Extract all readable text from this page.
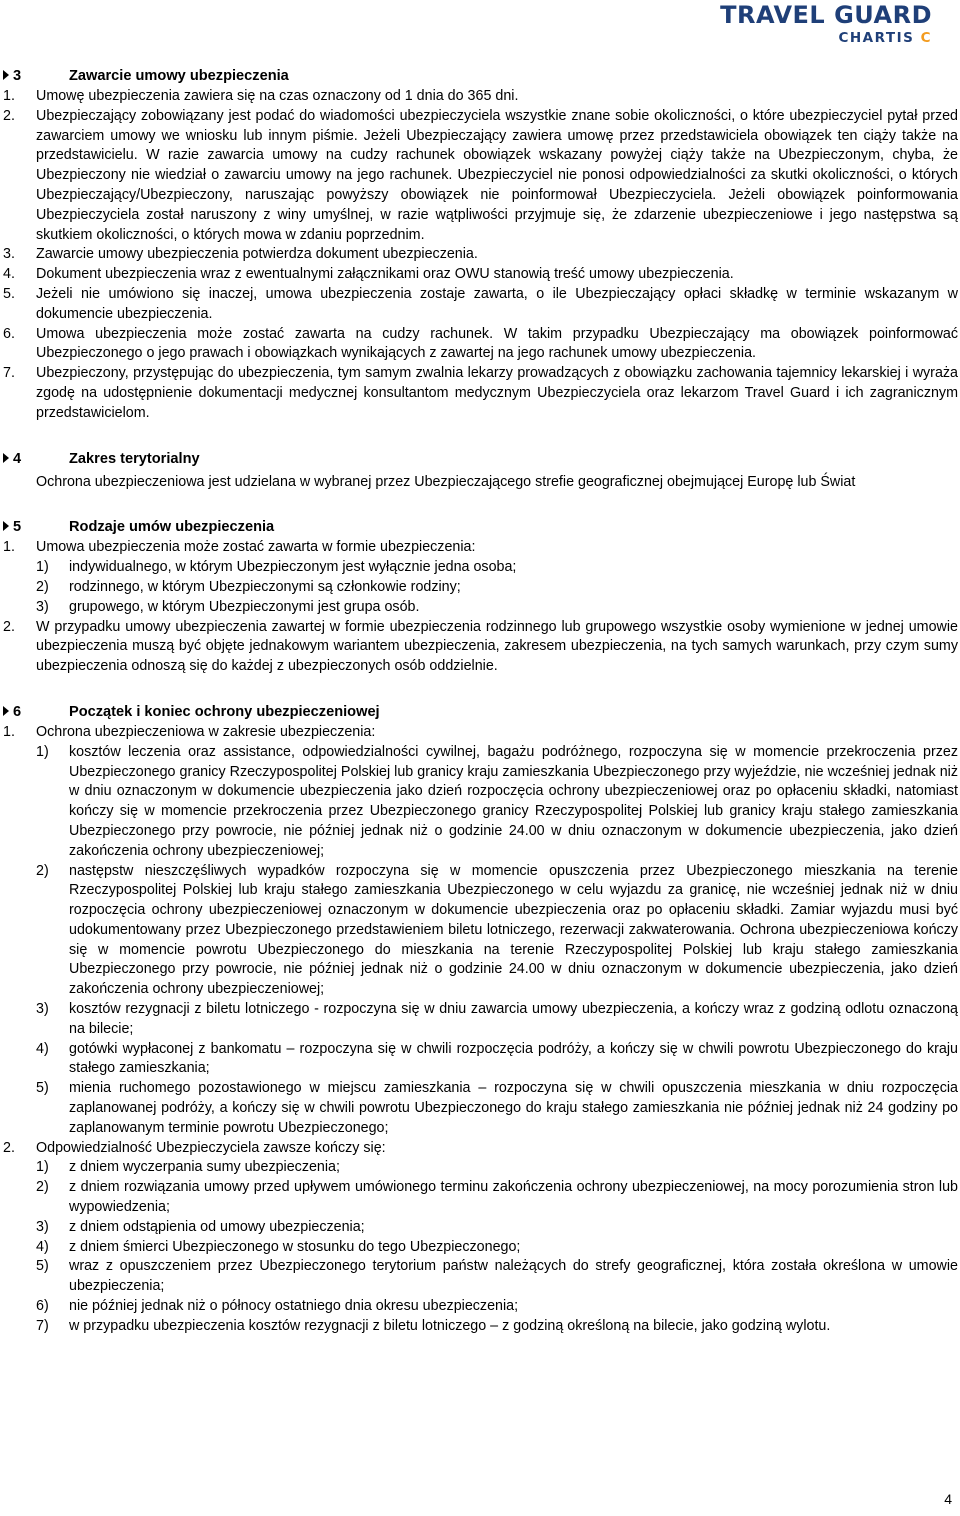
TRAVEL GUARD
CHARTIS C
3	Zawarcie umowy ubezpieczenia
1. Umowę ubezpieczenia zawiera się na czas oznaczony od 1 dnia do 365 dni.
2. Ubezpieczający zobowiązany jest podać do wiadomości ubezpieczyciela wszystkie znane sobie okoliczności, o które ubezpieczyciel pytał przed zawarciem umowy we wniosku lub innym piśmie. Jeżeli Ubezpieczający zawiera umowę przez przedstawiciela obowiązek ten ciąży także na przedstawicielu. W razie zawarcia umowy na cudzy rachunek obowiązek wskazany powyżej ciąży także na Ubezpieczonym, chyba, że Ubezpieczony nie wiedział o zawarciu umowy na jego rachunek. Ubezpieczyciel nie ponosi odpowiedzialności za skutki okoliczności, o których Ubezpieczający/Ubezpieczony, naruszając powyższy obowiązek nie poinformował Ubezpieczyciela. Jeżeli obowiązek poinformowania Ubezpieczyciela został naruszony z winy umyślnej, w razie wątpliwości przyjmuje się, że zdarzenie ubezpieczeniowe i jego następstwa są skutkiem okoliczności, o których mowa w zdaniu poprzednim.
3. Zawarcie umowy ubezpieczenia potwierdza dokument ubezpieczenia.
4. Dokument ubezpieczenia wraz z ewentualnymi załącznikami oraz OWU stanowią treść umowy ubezpieczenia.
5. Jeżeli nie umówiono się inaczej, umowa ubezpieczenia zostaje zawarta, o ile Ubezpieczający opłaci składkę w terminie wskazanym w dokumencie ubezpieczenia.
6. Umowa ubezpieczenia może zostać zawarta na cudzy rachunek. W takim przypadku Ubezpieczający ma obowiązek poinformować Ubezpieczonego o jego prawach i obowiązkach wynikających z zawartej na jego rachunek umowy ubezpieczenia.
7. Ubezpieczony, przystępując do ubezpieczenia, tym samym zwalnia lekarzy prowadzących z obowiązku zachowania tajemnicy lekarskiej i wyraża zgodę na udostępnienie dokumentacji medycznej konsultantom medycznym Ubezpieczyciela oraz lekarzom Travel Guard i ich zagranicznym przedstawicielom.
4	Zakres terytorialny
Ochrona ubezpieczeniowa jest udzielana w wybranej przez Ubezpieczającego strefie geograficznej obejmującej Europę lub Świat
5	Rodzaje umów ubezpieczenia
1. Umowa ubezpieczenia może zostać zawarta w formie ubezpieczenia:
1) indywidualnego, w którym Ubezpieczonym jest wyłącznie jedna osoba;
2) rodzinnego, w którym Ubezpieczonymi są członkowie rodziny;
3) grupowego, w którym Ubezpieczonymi jest grupa osób.
2. W przypadku umowy ubezpieczenia zawartej w formie ubezpieczenia rodzinnego lub grupowego wszystkie osoby wymienione w jednej umowie ubezpieczenia muszą być objęte jednakowym wariantem ubezpieczenia, zakresem ubezpieczenia, na tych samych warunkach, przy czym sumy ubezpieczenia odnoszą się do każdej z ubezpieczonych osób oddzielnie.
6	Początek i koniec ochrony ubezpieczeniowej
1. Ochrona ubezpieczeniowa w zakresie ubezpieczenia:
1) kosztów leczenia oraz assistance, odpowiedzialności cywilnej, bagażu podróżnego, rozpoczyna się w momencie przekroczenia przez Ubezpieczonego granicy Rzeczypospolitej Polskiej lub granicy kraju zamieszkania Ubezpieczonego przy wyjeździe, nie wcześniej jednak niż w dniu oznaczonym w dokumencie ubezpieczenia jako dzień rozpoczęcia ochrony ubezpieczeniowej oraz po opłaceniu składki, natomiast kończy się w momencie przekroczenia przez Ubezpieczonego granicy Rzeczypospolitej Polskiej lub granicy kraju stałego zamieszkania Ubezpieczonego przy powrocie, nie później jednak niż o godzinie 24.00 w dniu oznaczonym w dokumencie ubezpieczenia, jako dzień zakończenia ochrony ubezpieczeniowej;
2) następstw nieszczęśliwych wypadków rozpoczyna się w momencie opuszczenia przez Ubezpieczonego mieszkania na terenie Rzeczypospolitej Polskiej lub kraju stałego zamieszkania Ubezpieczonego w celu wyjazdu za granicę, nie wcześniej jednak niż w dniu rozpoczęcia ochrony ubezpieczeniowej oznaczonym w dokumencie ubezpieczenia oraz po opłaceniu składki. Zamiar wyjazdu musi być udokumentowany przez Ubezpieczonego przedstawieniem biletu lotniczego, rezerwacji zakwaterowania. Ochrona ubezpieczeniowa kończy się w momencie powrotu Ubezpieczonego do mieszkania na terenie Rzeczypospolitej Polskiej lub kraju stałego zamieszkania Ubezpieczonego przy powrocie, nie później jednak niż o godzinie 24.00 w dniu oznaczonym w dokumencie ubezpieczenia, jako dzień zakończenia ochrony ubezpieczeniowej;
3) kosztów rezygnacji z biletu lotniczego - rozpoczyna się w dniu zawarcia umowy ubezpieczenia, a kończy wraz z godziną odlotu oznaczoną na bilecie;
4) gotówki wypłaconej z bankomatu – rozpoczyna się w chwili rozpoczęcia podróży, a kończy się w chwili powrotu Ubezpieczonego do kraju stałego zamieszkania;
5) mienia ruchomego pozostawionego w miejscu zamieszkania – rozpoczyna się w chwili opuszczenia mieszkania w dniu rozpoczęcia zaplanowanej podróży, a kończy się w chwili powrotu Ubezpieczonego do kraju stałego zamieszkania nie później jednak niż 24 godziny po zaplanowanym terminie powrotu Ubezpieczonego;
2. Odpowiedzialność Ubezpieczyciela zawsze kończy się:
1) z dniem wyczerpania sumy ubezpieczenia;
2) z dniem rozwiązania umowy przed upływem umówionego terminu zakończenia ochrony ubezpieczeniowej, na mocy porozumienia stron lub wypowiedzenia;
3) z dniem odstąpienia od umowy ubezpieczenia;
4) z dniem śmierci Ubezpieczonego w stosunku do tego Ubezpieczonego;
5) wraz z opuszczeniem przez Ubezpieczonego terytorium państw należących do strefy geograficznej, która została określona w umowie ubezpieczenia;
6) nie później jednak niż o północy ostatniego dnia okresu ubezpieczenia;
7) w przypadku ubezpieczenia kosztów rezygnacji z biletu lotniczego – z godziną określoną na bilecie, jako godziną wylotu.
4
